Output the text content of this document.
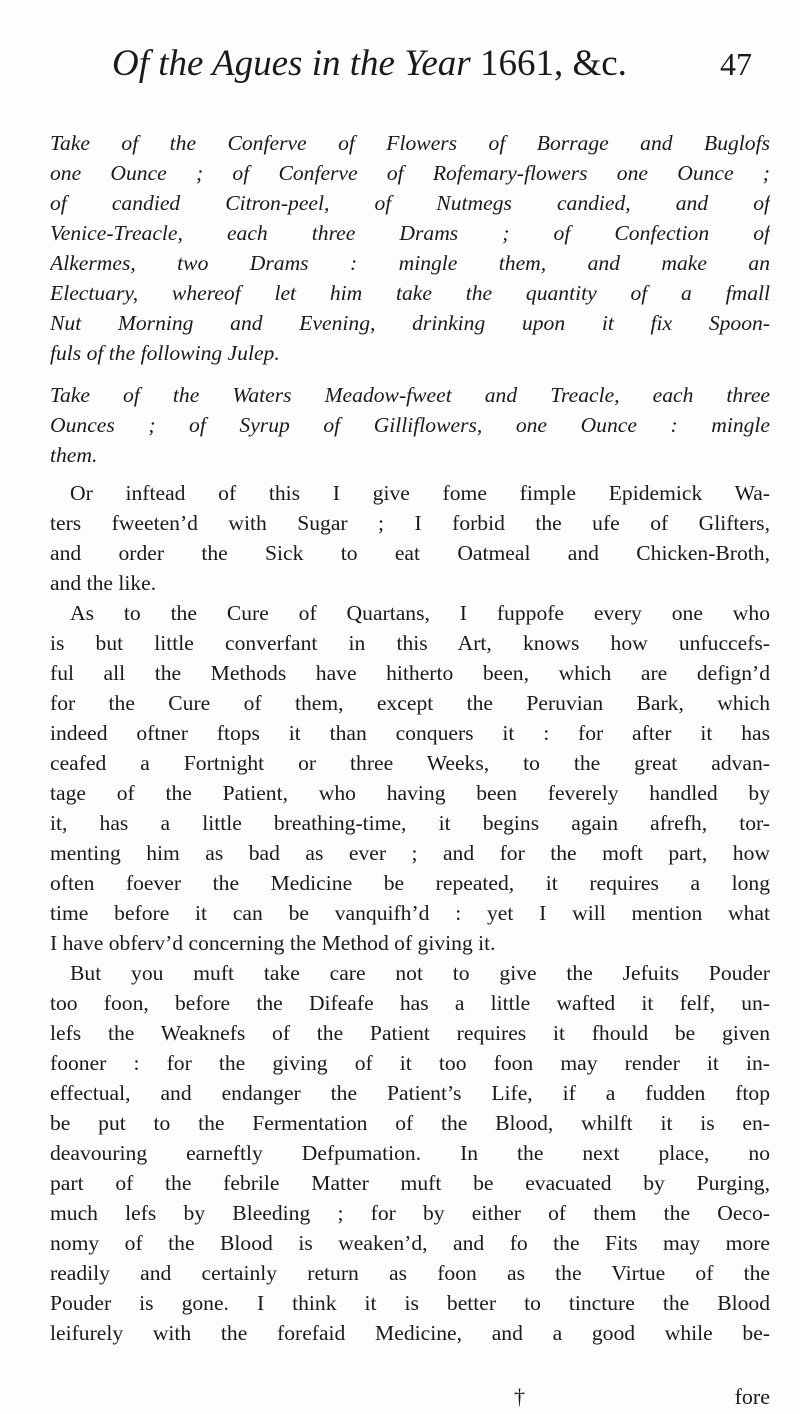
Of the Agues in the Year 1661, &c.	47
Take of the Conferve of Flowers of Borrage and Buglofs
one Ounce ; of Conferve of Rofemary-flowers one Ounce ;
of candied Citron-peel, of Nutmegs candied, and of
Venice-Treacle, each three Drams ; of Confection of
Alkermes, two Drams : mingle them, and make an
Electuary, whereof let him take the quantity of a fmall
Nut Morning and Evening, drinking upon it fix Spoon-
fuls of the following Julep.
Take of the Waters Meadow-fweet and Treacle, each three
Ounces ; of Syrup of Gilliflowers, one Ounce : mingle
them.
Or inftead of this I give fome fimple Epidemick Wa-
ters fweeten’d with Sugar ; I forbid the ufe of Glifters,
and order the Sick to eat Oatmeal and Chicken-Broth,
and the like.
As to the Cure of Quartans, I fuppofe every one who
is but little converfant in this Art, knows how unfuccefs-
ful all the Methods have hitherto been, which are defign’d
for the Cure of them, except the Peruvian Bark, which
indeed oftner ftops it than conquers it : for after it has
ceafed a Fortnight or three Weeks, to the great advan-
tage of the Patient, who having been feverely handled by
it, has a little breathing-time, it begins again afrefh, tor-
menting him as bad as ever ; and for the moft part, how
often foever the Medicine be repeated, it requires a long
time before it can be vanquifh’d : yet I will mention what
I have obferv’d concerning the Method of giving it.
But you muft take care not to give the Jefuits Pouder
too foon, before the Difeafe has a little wafted it felf, un-
lefs the Weaknefs of the Patient requires it fhould be given
fooner : for the giving of it too foon may render it in-
effectual, and endanger the Patient’s Life, if a fudden ftop
be put to the Fermentation of the Blood, whilft it is en-
deavouring earneftly Defpumation. In the next place, no
part of the febrile Matter muft be evacuated by Purging,
much lefs by Bleeding ; for by either of them the Oeco-
nomy of the Blood is weaken’d, and fo the Fits may more
readily and certainly return as foon as the Virtue of the
Pouder is gone. I think it is better to tincture the Blood
leifurely with the forefaid Medicine, and a good while be-
†	fore
